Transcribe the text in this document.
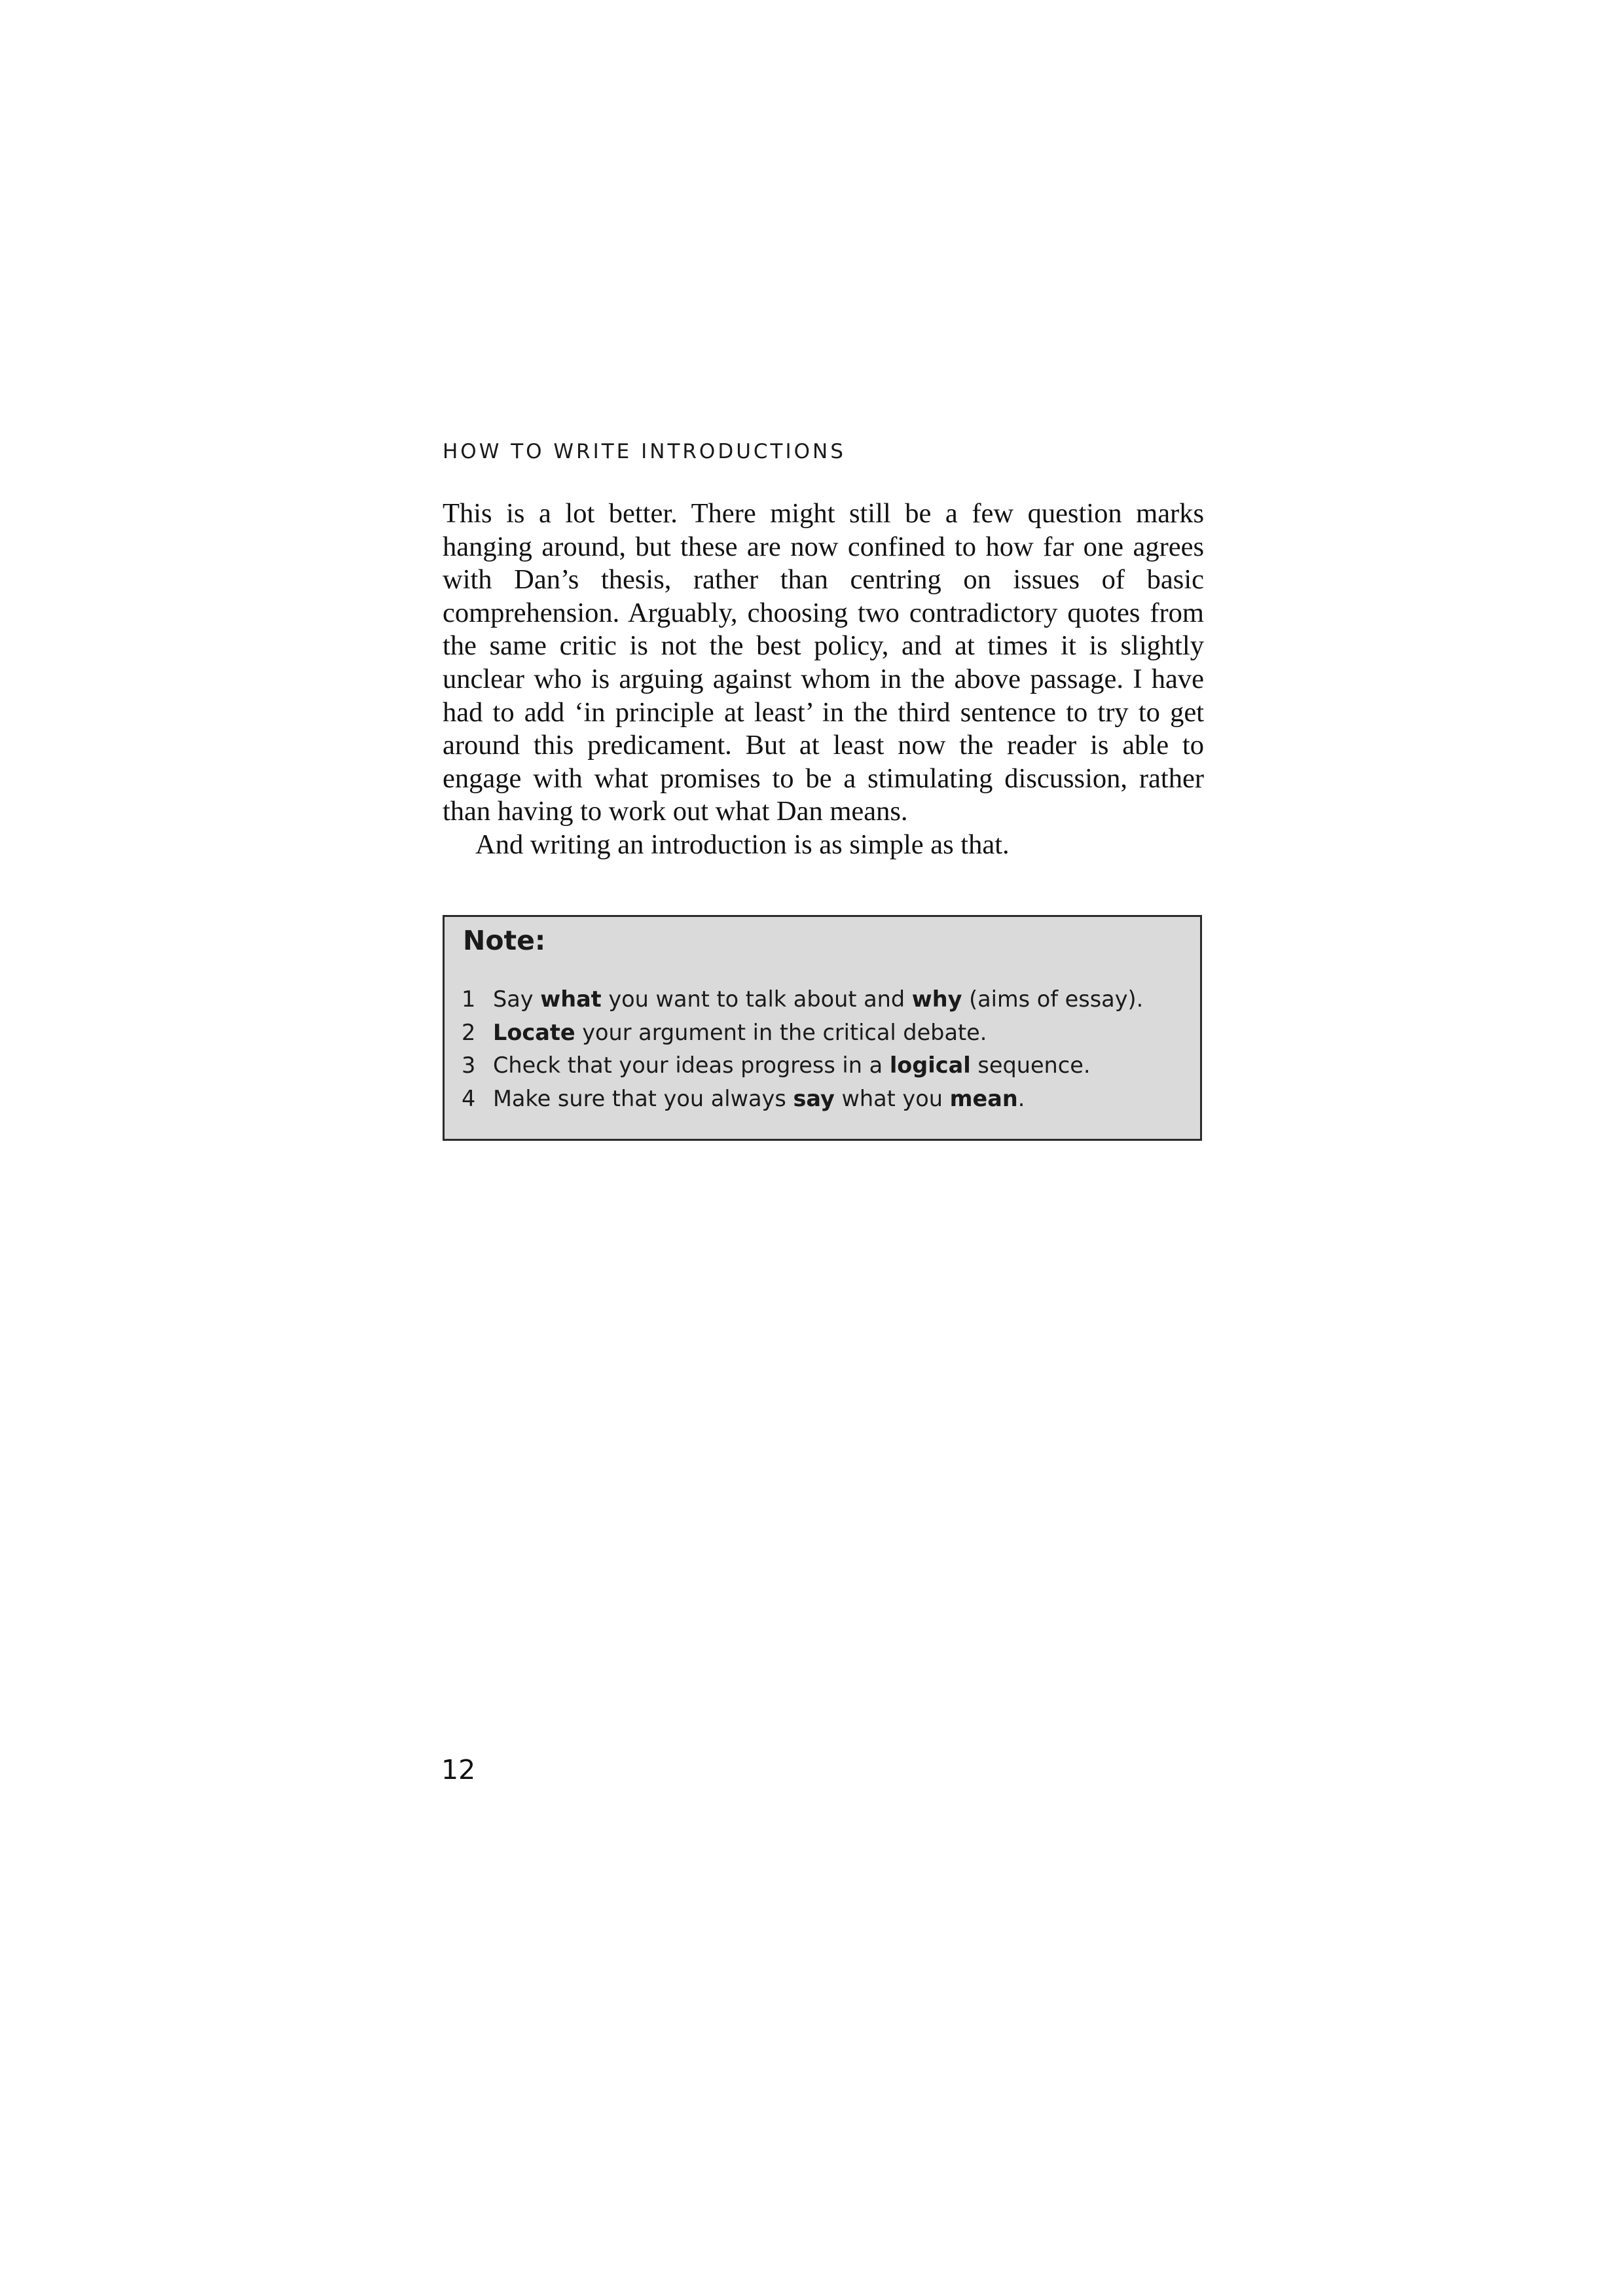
HOW TO WRITE INTRODUCTIONS

This is a lot better. There might still be a few question marks hanging around, but these are now confined to how far one agrees with Dan’s thesis, rather than centring on issues of basic comprehension. Arguably, choosing two contradictory quotes from the same critic is not the best policy, and at times it is slightly unclear who is arguing against whom in the above passage. I have had to add ‘in principle at least’ in the third sentence to try to get around this predicament. But at least now the reader is able to engage with what promises to be a stimulating discussion, rather than having to work out what Dan means.

And writing an introduction is as simple as that.

Note:
1 Say what you want to talk about and why (aims of essay).
2 Locate your argument in the critical debate.
3 Check that your ideas progress in a logical sequence.
4 Make sure that you always say what you mean.
12
